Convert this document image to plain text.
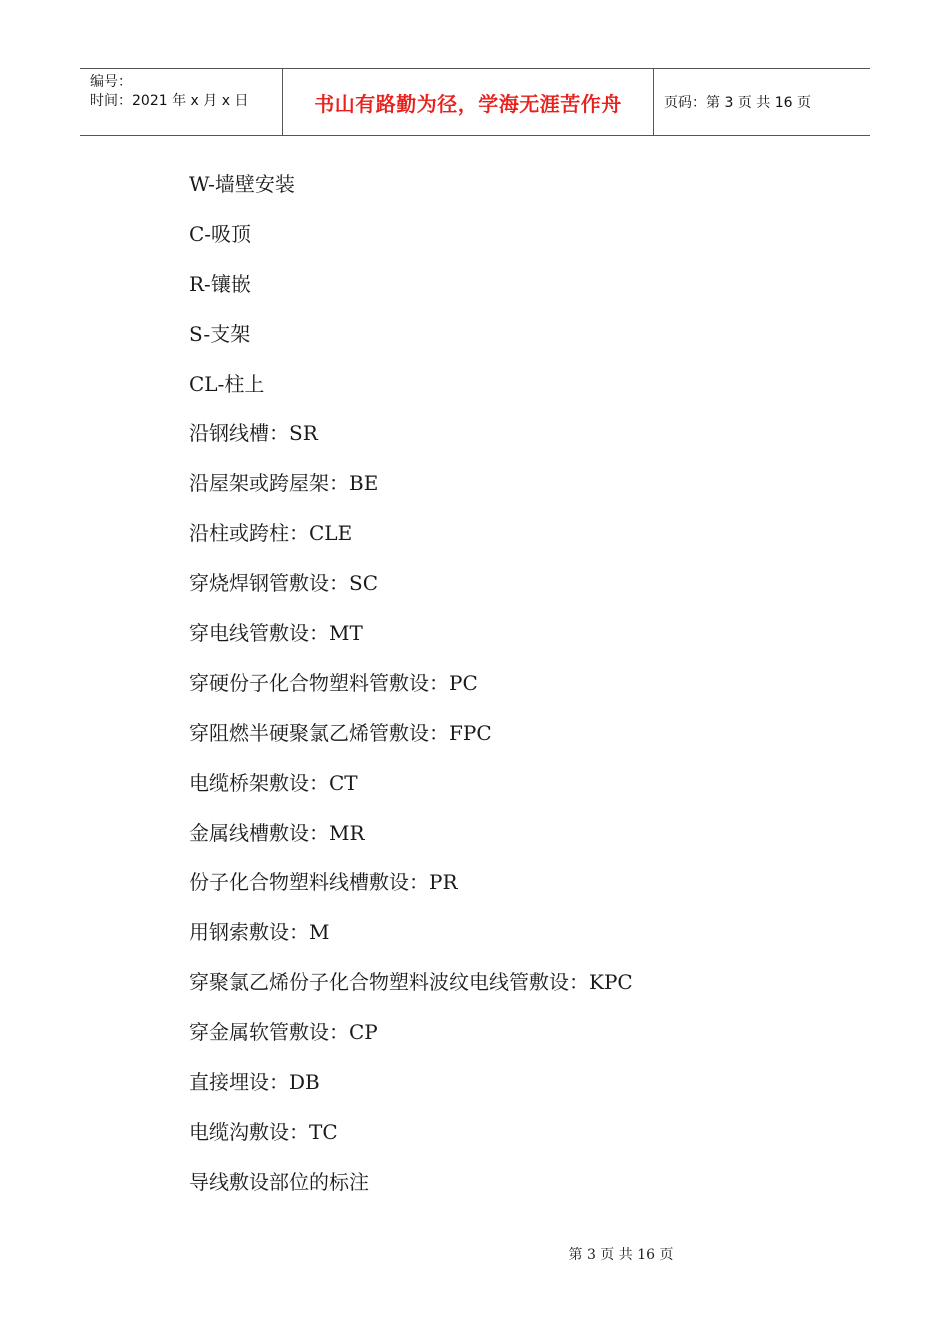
编号：
时间：2021 年 x 月 x 日	书山有路勤为径，学海无涯苦作舟	页码：第 3 页 共 16 页
W-墙壁安装
C-吸顶
R-镶嵌
S-支架
CL-柱上
沿钢线槽：SR
沿屋架或跨屋架：BE
沿柱或跨柱：CLE
穿烧焊钢管敷设：SC
穿电线管敷设：MT
穿硬份子化合物塑料管敷设：PC
穿阻燃半硬聚氯乙烯管敷设：FPC
电缆桥架敷设：CT
金属线槽敷设：MR
份子化合物塑料线槽敷设：PR
用钢索敷设：M
穿聚氯乙烯份子化合物塑料波纹电线管敷设：KPC
穿金属软管敷设：CP
直接埋设：DB
电缆沟敷设：TC
导线敷设部位的标注
第 3 页 共 16 页
